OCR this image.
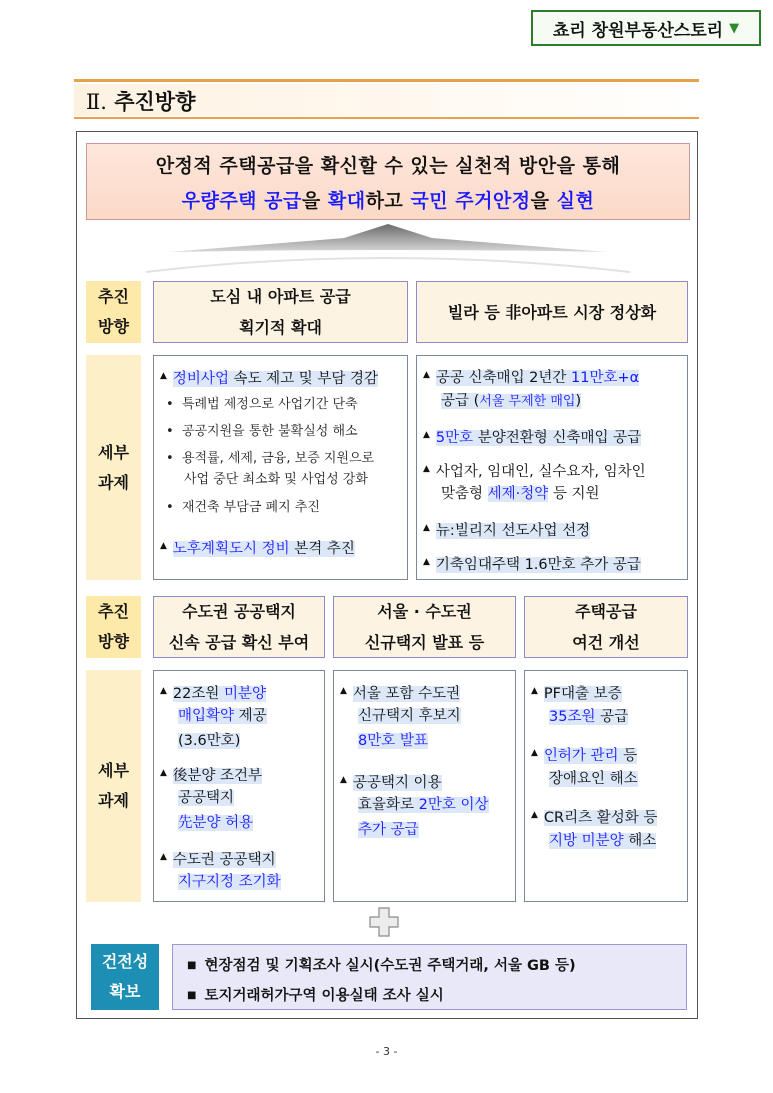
쵸리 창원부동산스토리 ▼
Ⅱ. 추진방향
안정적 주택공급을 확신할 수 있는 실천적 방안을 통해
우량주택 공급을 확대하고 국민 주거안정을 실현
추진
방향
도심 내 아파트 공급
획기적 확대
빌라 등 非아파트 시장 정상화
세부
과제
▲ 정비사업 속도 제고 및 부담 경감
•  특례법 제정으로 사업기간 단축
•  공공지원을 통한 불확실성 해소
•  용적률, 세제, 금융, 보증 지원으로
사업 중단 최소화 및 사업성 강화
•  재건축 부담금 폐지 추진
▲ 노후계획도시 정비 본격 추진
▲ 공공 신축매입 2년간 11만호+α
공급 (서울 무제한 매입)
▲ 5만호 분양전환형 신축매입 공급
▲ 사업자, 임대인, 실수요자, 임차인
맞춤형 세제·청약 등 지원
▲ 뉴:빌리지 선도사업 선정
▲ 기축임대주택 1.6만호 추가 공급
추진
방향
수도권 공공택지
신속 공급 확신 부여
서울 · 수도권
신규택지 발표 등
주택공급
여건 개선
세부
과제
▲ 22조원 미분양
매입확약 제공
(3.6만호)
▲ 後분양 조건부
공공택지
先분양 허용
▲ 수도권 공공택지
지구지정 조기화
▲ 서울 포함 수도권
신규택지 후보지
8만호 발표
▲ 공공택지 이용
효율화로 2만호 이상
추가 공급
▲ PF대출 보증
35조원 공급
▲ 인허가 관리 등
장애요인 해소
▲ CR리츠 활성화 등
지방 미분양 해소
건전성
확보
■ 현장점검 및 기획조사 실시(수도권 주택거래, 서울 GB 등)
■ 토지거래허가구역 이용실태 조사 실시
- 3 -
